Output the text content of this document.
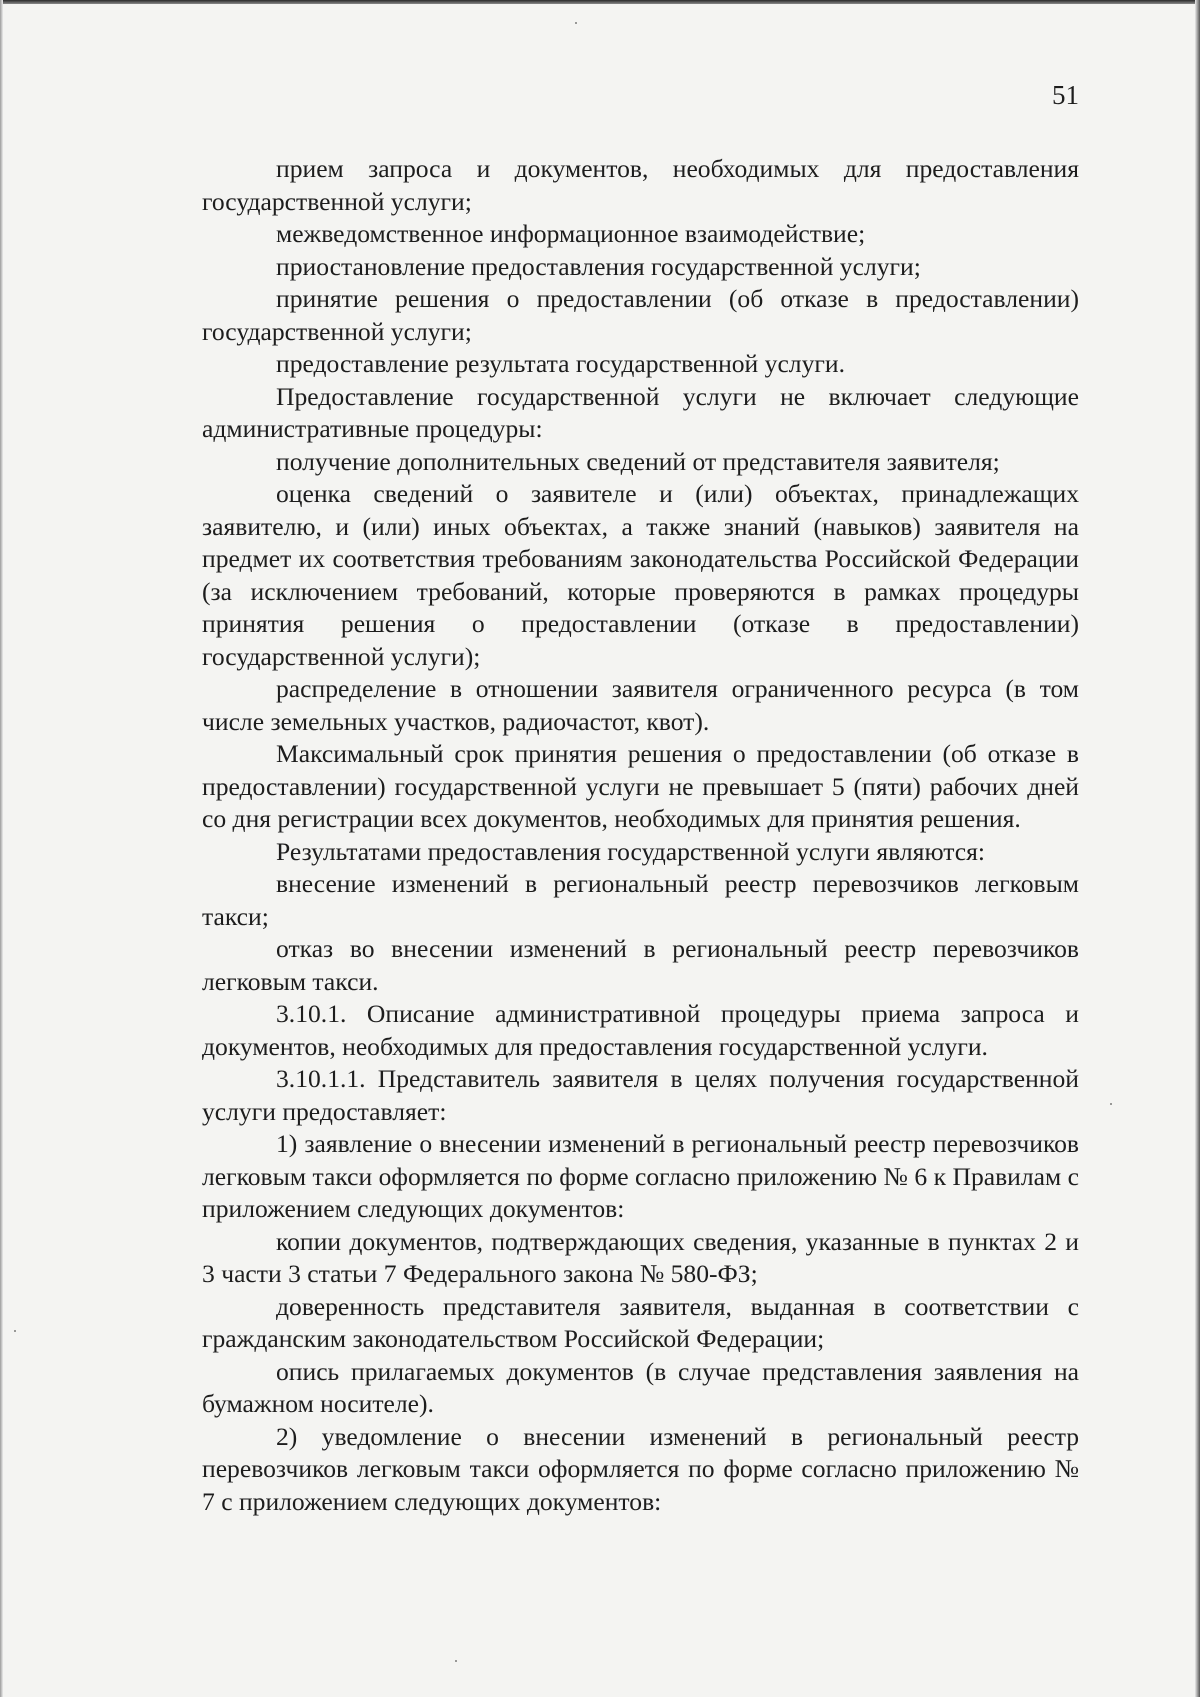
51

прием запроса и документов, необходимых для предоставления государственной услуги;

межведомственное информационное взаимодействие;

приостановление предоставления государственной услуги;

принятие решения о предоставлении (об отказе в предоставлении) государственной услуги;

предоставление результата государственной услуги.

Предоставление государственной услуги не включает следующие административные процедуры:

получение дополнительных сведений от представителя заявителя;

оценка сведений о заявителе и (или) объектах, принадлежащих заявителю, и (или) иных объектах, а также знаний (навыков) заявителя на предмет их соответствия требованиям законодательства Российской Федерации (за исключением требований, которые проверяются в рамках процедуры принятия решения о предоставлении (отказе в предоставлении) государственной услуги);

распределение в отношении заявителя ограниченного ресурса (в том числе земельных участков, радиочастот, квот).

Максимальный срок принятия решения о предоставлении (об отказе в предоставлении) государственной услуги не превышает 5 (пяти) рабочих дней со дня регистрации всех документов, необходимых для принятия решения.

Результатами предоставления государственной услуги являются:

внесение изменений в региональный реестр перевозчиков легковым такси;

отказ во внесении изменений в региональный реестр перевозчиков легковым такси.

3.10.1. Описание административной процедуры приема запроса и документов, необходимых для предоставления государственной услуги.

3.10.1.1. Представитель заявителя в целях получения государственной услуги предоставляет:

1) заявление о внесении изменений в региональный реестр перевозчиков легковым такси оформляется по форме согласно приложению № 6 к Правилам с приложением следующих документов:

копии документов, подтверждающих сведения, указанные в пунктах 2 и 3 части 3 статьи 7 Федерального закона № 580-ФЗ;

доверенность представителя заявителя, выданная в соответствии с гражданским законодательством Российской Федерации;

опись прилагаемых документов (в случае представления заявления на бумажном носителе).

2) уведомление о внесении изменений в региональный реестр перевозчиков легковым такси оформляется по форме согласно приложению № 7 с приложением следующих документов:
